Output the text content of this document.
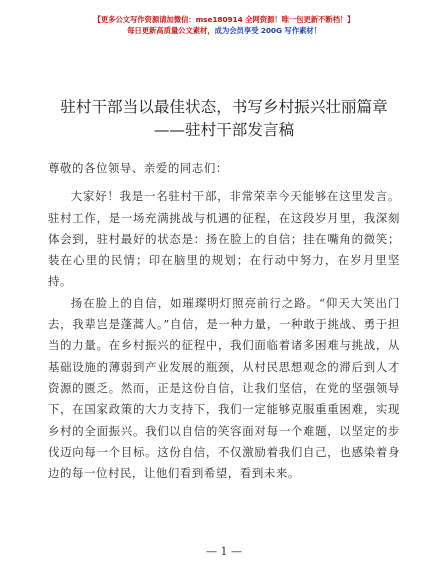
【更多公文写作资源请加微信：mse180914 全网资源！唯一包更新不断档！】
每日更新高质量公文素材，成为会员享受 200G 写作素材！
驻村干部当以最佳状态，书写乡村振兴壮丽篇章——驻村干部发言稿

尊敬的各位领导、亲爱的同志们：

大家好！我是一名驻村干部，非常荣幸今天能够在这里发言。驻村工作，是一场充满挑战与机遇的征程，在这段岁月里，我深刻体会到，驻村最好的状态是：扬在脸上的自信；挂在嘴角的微笑；装在心里的民情；印在脑里的规划；在行动中努力，在岁月里坚持。

扬在脸上的自信，如璀璨明灯照亮前行之路。“仰天大笑出门去，我辈岂是蓬蒿人。”自信，是一种力量，一种敢于挑战、勇于担当的力量。在乡村振兴的征程中，我们面临着诸多困难与挑战，从基础设施的薄弱到产业发展的瓶颈，从村民思想观念的滞后到人才资源的匮乏。然而，正是这份自信，让我们坚信，在党的坚强领导下，在国家政策的大力支持下，我们一定能够克服重重困难，实现乡村的全面振兴。我们以自信的笑容面对每一个难题，以坚定的步伐迈向每一个目标。这份自信，不仅激励着我们自己，也感染着身边的每一位村民，让他们看到希望，看到未来。

— 1 —
